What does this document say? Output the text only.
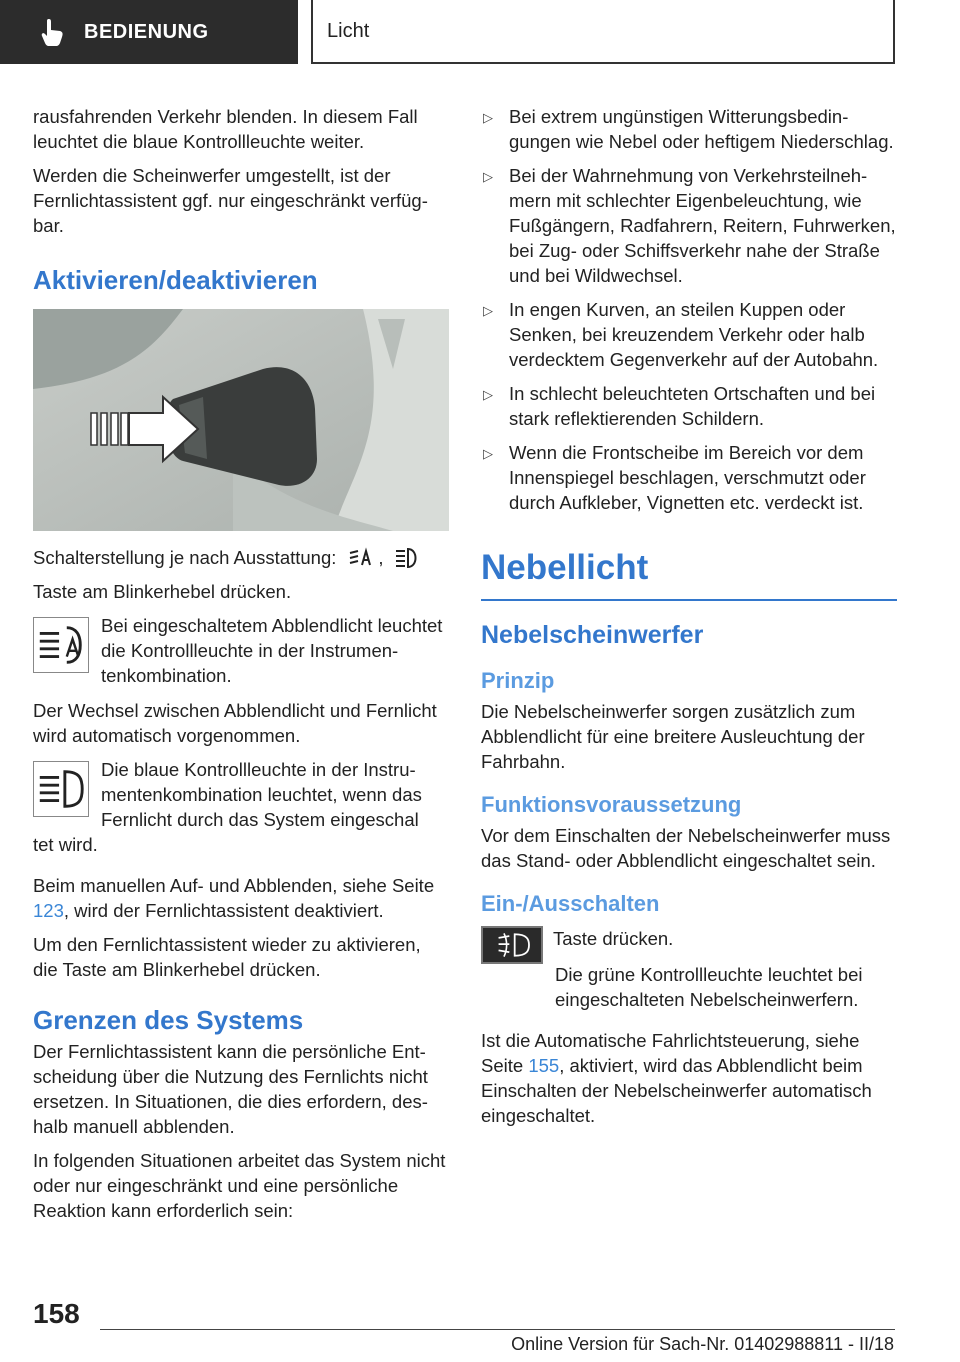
BEDIENUNG	Licht

rausfahrenden Verkehr blenden. In diesem Fall leuchtet die blaue Kontrollleuchte weiter.

Werden die Scheinwerfer umgestellt, ist der Fernlichtassistent ggf. nur eingeschränkt verfügbar.

Aktivieren/deaktivieren

Schalterstellung je nach Ausstattung: ,

Taste am Blinkerhebel drücken.

Bei eingeschaltetem Abblendlicht leuchtet die Kontrollleuchte in der Instrumentenkombination.

Der Wechsel zwischen Abblendlicht und Fernlicht wird automatisch vorgenommen.

Die blaue Kontrollleuchte in der Instrumentenkombination leuchtet, wenn das Fernlicht durch das System eingeschal

tet wird.

Beim manuellen Auf- und Abblenden, siehe Seite 123, wird der Fernlichtassistent deaktiviert.

Um den Fernlichtassistent wieder zu aktivieren, die Taste am Blinkerhebel drücken.

Grenzen des Systems

Der Fernlichtassistent kann die persönliche Entscheidung über die Nutzung des Fernlichts nicht ersetzen. In Situationen, die dies erfordern, deshalb manuell abblenden.

In folgenden Situationen arbeitet das System nicht oder nur eingeschränkt und eine persönliche Reaktion kann erforderlich sein:

▷ Bei extrem ungünstigen Witterungsbedingungen wie Nebel oder heftigem Niederschlag.
▷ Bei der Wahrnehmung von Verkehrsteilnehmern mit schlechter Eigenbeleuchtung, wie Fußgängern, Radfahrern, Reitern, Fuhrwerken, bei Zug- oder Schiffsverkehr nahe der Straße und bei Wildwechsel.
▷ In engen Kurven, an steilen Kuppen oder Senken, bei kreuzendem Verkehr oder halb verdecktem Gegenverkehr auf der Autobahn.
▷ In schlecht beleuchteten Ortschaften und bei stark reflektierenden Schildern.
▷ Wenn die Frontscheibe im Bereich vor dem Innenspiegel beschlagen, verschmutzt oder durch Aufkleber, Vignetten etc. verdeckt ist.
Nebellicht
Nebelscheinwerfer
Prinzip

Die Nebelscheinwerfer sorgen zusätzlich zum Abblendlicht für eine breitere Ausleuchtung der Fahrbahn.

Funktionsvoraussetzung

Vor dem Einschalten der Nebelscheinwerfer muss das Stand- oder Abblendlicht eingeschaltet sein.

Ein-/Ausschalten

Taste drücken.

Die grüne Kontrollleuchte leuchtet bei eingeschalteten Nebelscheinwerfern.

Ist die Automatische Fahrlichtsteuerung, siehe Seite 155, aktiviert, wird das Abblendlicht beim Einschalten der Nebelscheinwerfer automatisch eingeschaltet.

158
Online Version für Sach-Nr. 01402988811 - II/18
